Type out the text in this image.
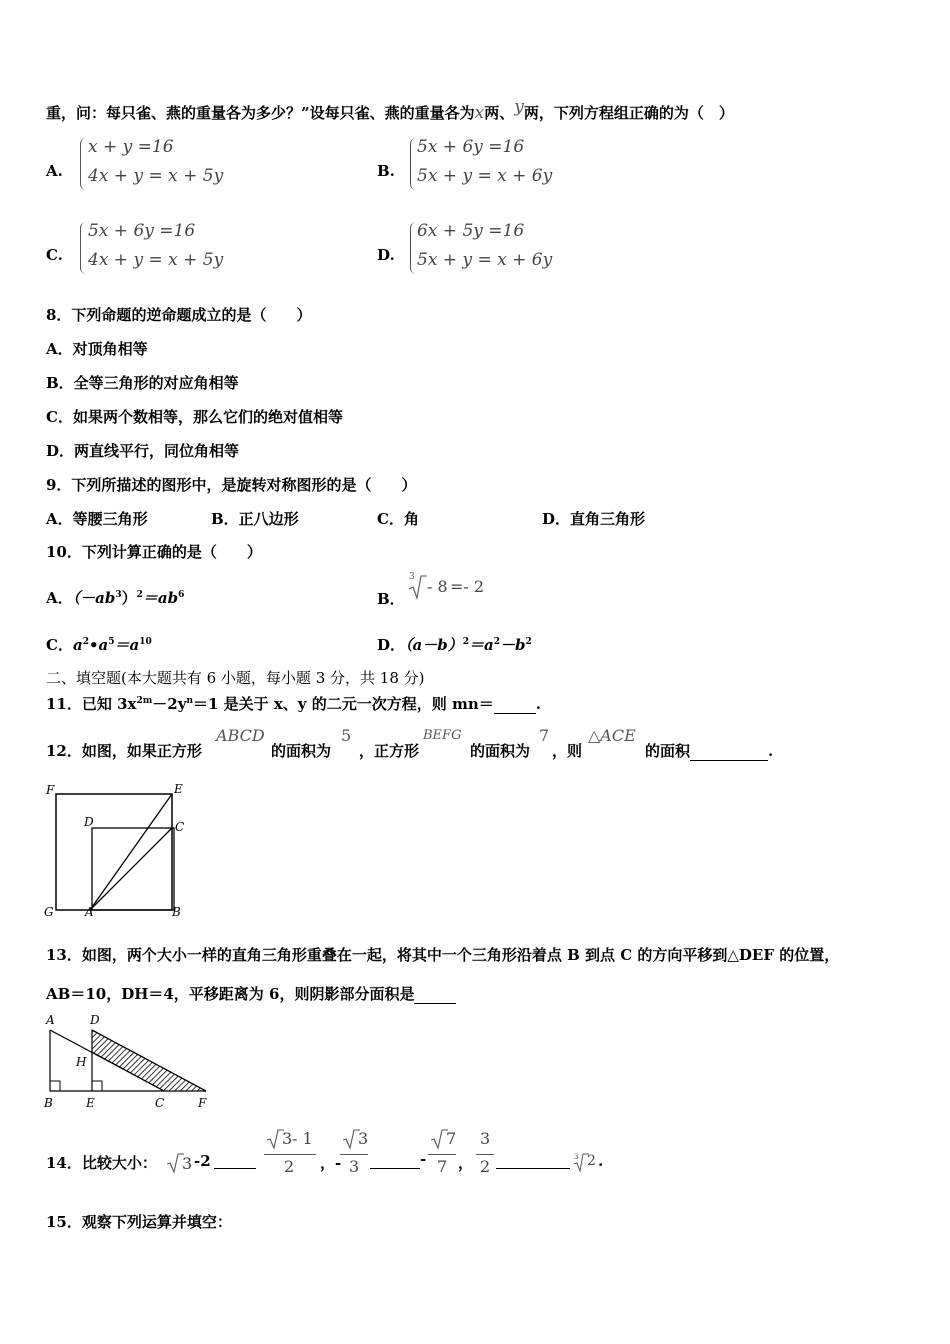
重，问：每只雀、燕的重量各为多少？”设每只雀、燕的重量各为x两、y两，下列方程组正确的为（　）
A.
x + y =16
4x + y = x + 5y	B.
5x + 6y =16
5x + y = x + 6y
C.
5x + 6y =16
4x + y = x + 5y	D.
6x + 5y =16
5x + y = x + 6y
8．下列命题的逆命题成立的是（　　）
A．对顶角相等
B．全等三角形的对应角相等
C．如果两个数相等，那么它们的绝对值相等
D．两直线平行，同位角相等
9．下列所描述的图形中，是旋转对称图形的是（　　）
A．等腰三角形	B．正八边形	C．角	D．直角三角形
10．下列计算正确的是（　　）
A．$(-ab^3)^2=ab^6$	B．
3 - 8 =- 2
C．$a^2•a^5=a^{10}$	D．$(a-b)^2=a^2-b^2$
二、填空题(本大题共有 6 小题，每小题 3 分，共 18 分)
11．已知 $3x^{2m}-2y^n=1$ 是关于 x、y 的二元一次方程，则 mn＝	.
12．如图，如果正方形
ABCD
的面积为
5
，正方形
BEFG
的面积为
7
，则
△ACE
的面积	.
F	E
D	C
G	A	B
13．如图，两个大小一样的直角三角形重叠在一起，将其中一个三角形沿着点 B 到点 C 的方向平移到△DEF 的位置，
AB＝10，DH＝4，平移距离为 6，则阴影部分面积是
A	D
H
B	E	C	F
14．比较大小： 3 -2
3 - 1
2 ，-
3
3	-
7
7 ，
3
2	3 2 .
15．观察下列运算并填空：
